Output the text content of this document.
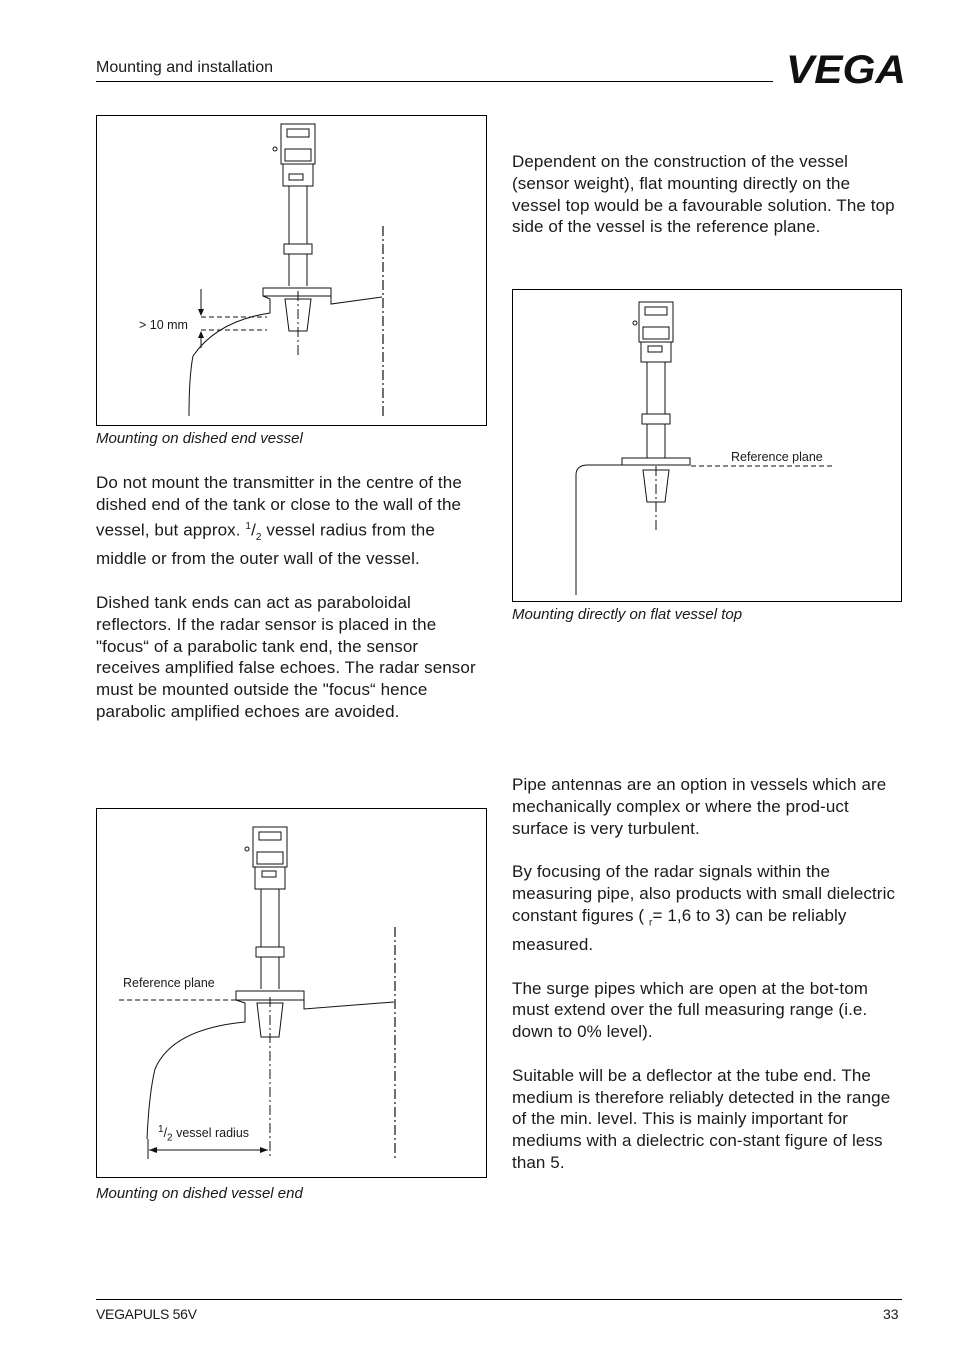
Mounting and installation	VEGA
> 10 mm
Mounting on dished end vessel

Do not mount the transmitter in the centre of the dished end of the tank or close to the wall of the vessel, but approx. $^1/_2$ vessel radius from the middle or from the outer wall of the vessel.

Dished tank ends can act as paraboloidal reflectors. If the radar sensor is placed in the "focus“ of a parabolic tank end, the sensor receives amplified false echoes. The radar sensor must be mounted outside the "focus“ hence parabolic amplified echoes are avoided.

Dependent on the construction of the vessel (sensor weight), flat mounting directly on the vessel top would be a favourable solution. The top side of the vessel is the reference plane.

Reference plane
Mounting directly on flat vessel top
Reference plane
$^1/_2$ vessel radius
Mounting on dished vessel end

Pipe antennas are an option in vessels which are mechanically complex or where the prod-uct surface is very turbulent.

By focusing of the radar signals within the measuring pipe, also products with small dielectric constant figures ( $_r$= 1,6 to 3) can be reliably measured.

The surge pipes which are open at the bot-tom must extend over the full measuring range (i.e. down to 0% level).

Suitable will be a deflector at the tube end. The medium is therefore reliably detected in the range of the min. level. This is mainly important for mediums with a dielectric con-stant figure of less than 5.

VEGAPULS 56V	33
